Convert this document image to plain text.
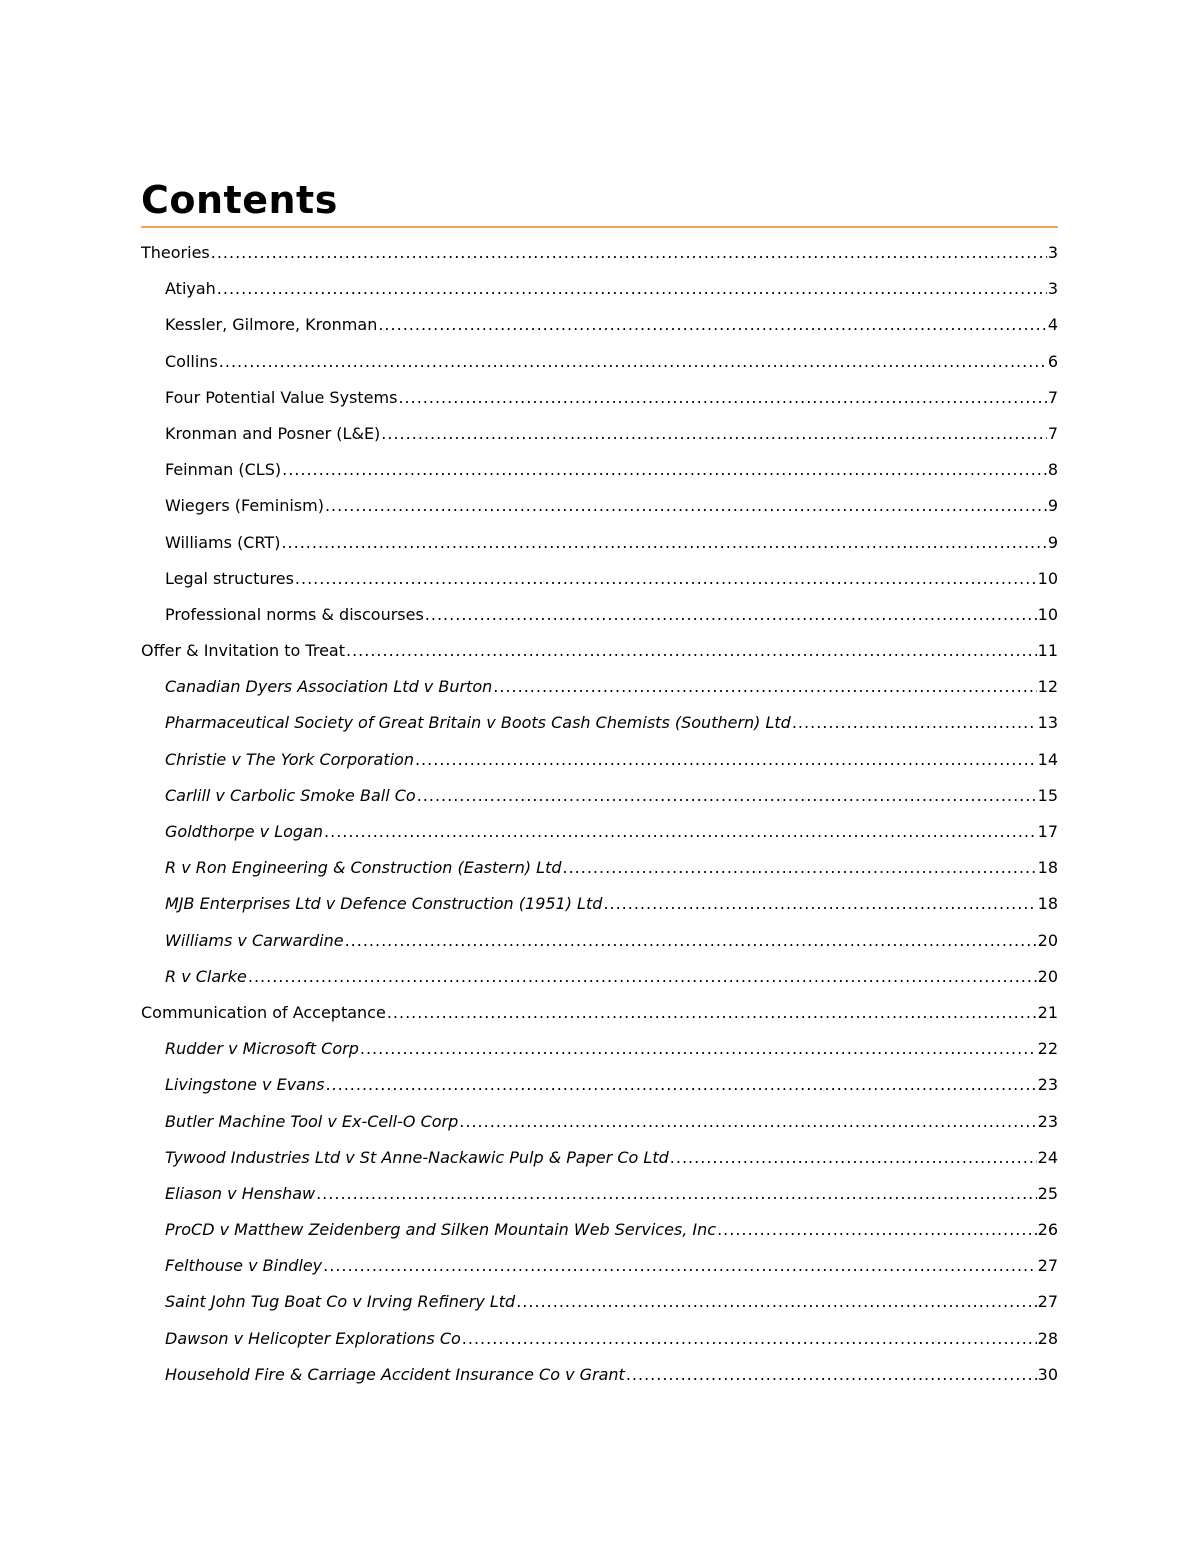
Contents
Theories .....	3
Atiyah .....	3
Kessler, Gilmore, Kronman .....	4
Collins .....	6
Four Potential Value Systems .....	7
Kronman and Posner (L&E) .....	7
Feinman (CLS) .....	8
Wiegers (Feminism) .....	9
Williams (CRT) .....	9
Legal structures .....	10
Professional norms & discourses .....	10
Offer & Invitation to Treat .....	11
Canadian Dyers Association Ltd v Burton .....	12
Pharmaceutical Society of Great Britain v Boots Cash Chemists (Southern) Ltd .....	13
Christie v The York Corporation .....	14
Carlill v Carbolic Smoke Ball Co .....	15
Goldthorpe v Logan .....	17
R v Ron Engineering & Construction (Eastern) Ltd .....	18
MJB Enterprises Ltd v Defence Construction (1951) Ltd .....	18
Williams v Carwardine .....	20
R v Clarke .....	20
Communication of Acceptance .....	21
Rudder v Microsoft Corp .....	22
Livingstone v Evans .....	23
Butler Machine Tool v Ex-Cell-O Corp .....	23
Tywood Industries Ltd v St Anne-Nackawic Pulp & Paper Co Ltd .....	24
Eliason v Henshaw .....	25
ProCD v Matthew Zeidenberg and Silken Mountain Web Services, Inc .....	26
Felthouse v Bindley .....	27
Saint John Tug Boat Co v Irving Refinery Ltd .....	27
Dawson v Helicopter Explorations Co .....	28
Household Fire & Carriage Accident Insurance Co v Grant .....	30
